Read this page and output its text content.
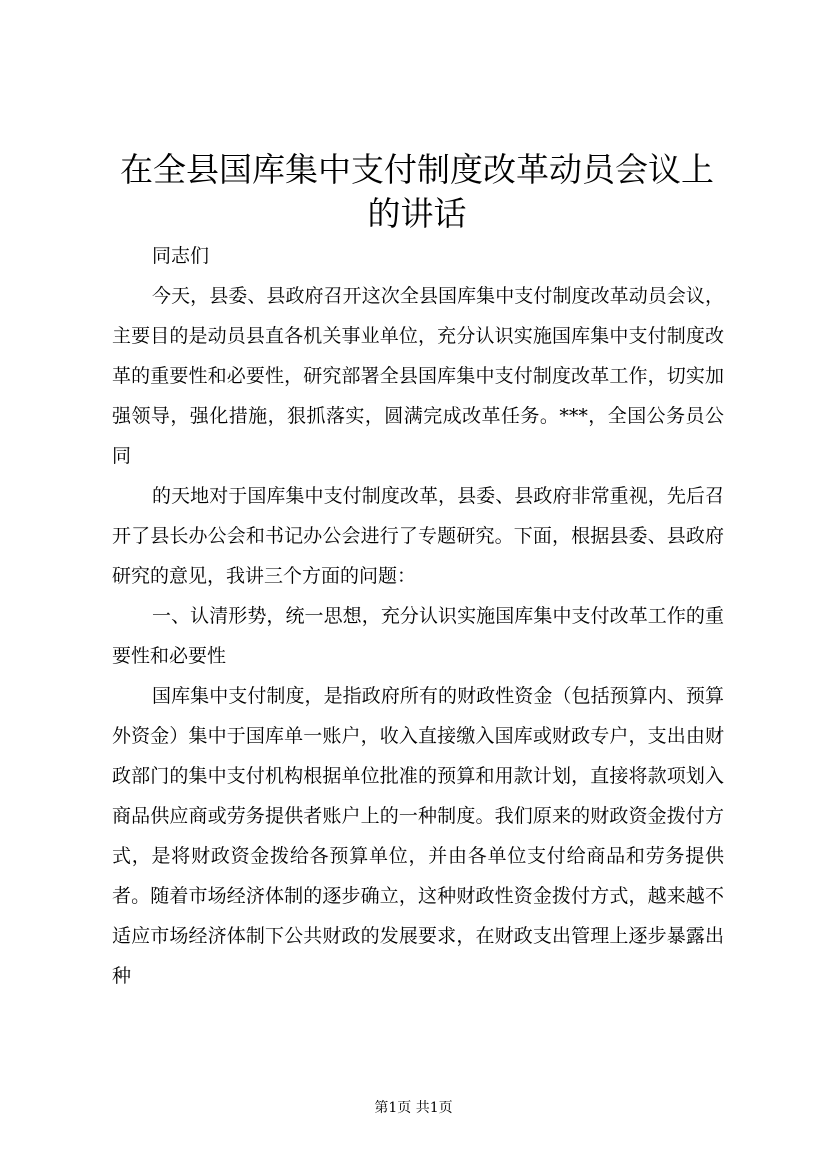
在全县国库集中支付制度改革动员会议上的讲话

同志们

今天，县委、县政府召开这次全县国库集中支付制度改革动员会议，主要目的是动员县直各机关事业单位，充分认识实施国库集中支付制度改革的重要性和必要性，研究部署全县国库集中支付制度改革工作，切实加强领导，强化措施，狠抓落实，圆满完成改革任务。***，全国公务员公同

的天地对于国库集中支付制度改革，县委、县政府非常重视，先后召开了县长办公会和书记办公会进行了专题研究。下面，根据县委、县政府研究的意见，我讲三个方面的问题：

一、认清形势，统一思想，充分认识实施国库集中支付改革工作的重要性和必要性

国库集中支付制度，是指政府所有的财政性资金（包括预算内、预算外资金）集中于国库单一账户，收入直接缴入国库或财政专户，支出由财政部门的集中支付机构根据单位批准的预算和用款计划，直接将款项划入商品供应商或劳务提供者账户上的一种制度。我们原来的财政资金拨付方式，是将财政资金拨给各预算单位，并由各单位支付给商品和劳务提供者。随着市场经济体制的逐步确立，这种财政性资金拨付方式，越来越不适应市场经济体制下公共财政的发展要求，在财政支出管理上逐步暴露出种

第1页 共1页
